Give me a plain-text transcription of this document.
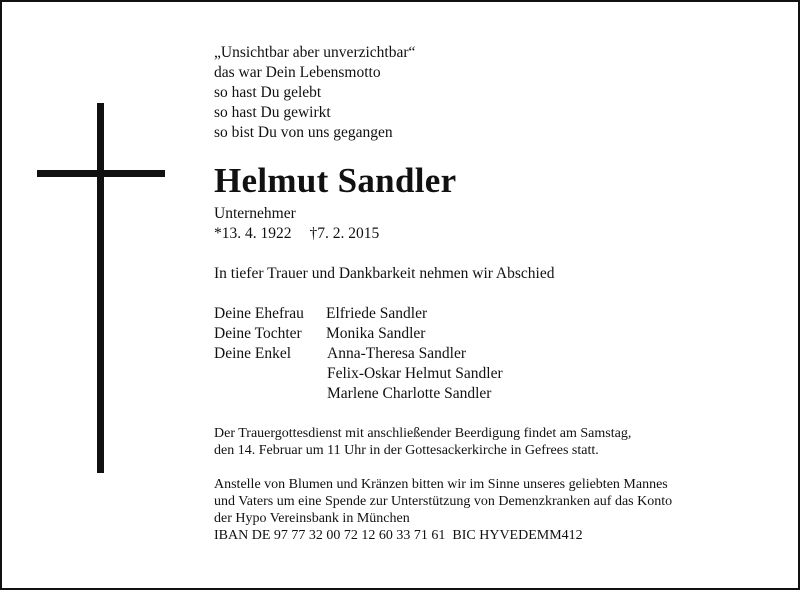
„Unsichtbar aber unverzichtbar“
das war Dein Lebensmotto
so hast Du gelebt
so hast Du gewirkt
so bist Du von uns gegangen
Helmut Sandler
Unternehmer
*13. 4. 1922 †7. 2. 2015
In tiefer Trauer und Dankbarkeit nehmen wir Abschied
Deine Ehefrau	Elfriede Sandler
Deine Tochter	Monika Sandler
Deine Enkel	Anna-Theresa Sandler
Felix-Oskar Helmut Sandler
Marlene Charlotte Sandler
Der Trauergottesdienst mit anschließender Beerdigung findet am Samstag,
den 14. Februar um 11 Uhr in der Gottesackerkirche in Gefrees statt.
Anstelle von Blumen und Kränzen bitten wir im Sinne unseres geliebten Mannes
und Vaters um eine Spende zur Unterstützung von Demenzkranken auf das Konto
der Hypo Vereinsbank in München
IBAN DE 97 77 32 00 72 12 60 33 71 61  BIC HYVEDEMM412
